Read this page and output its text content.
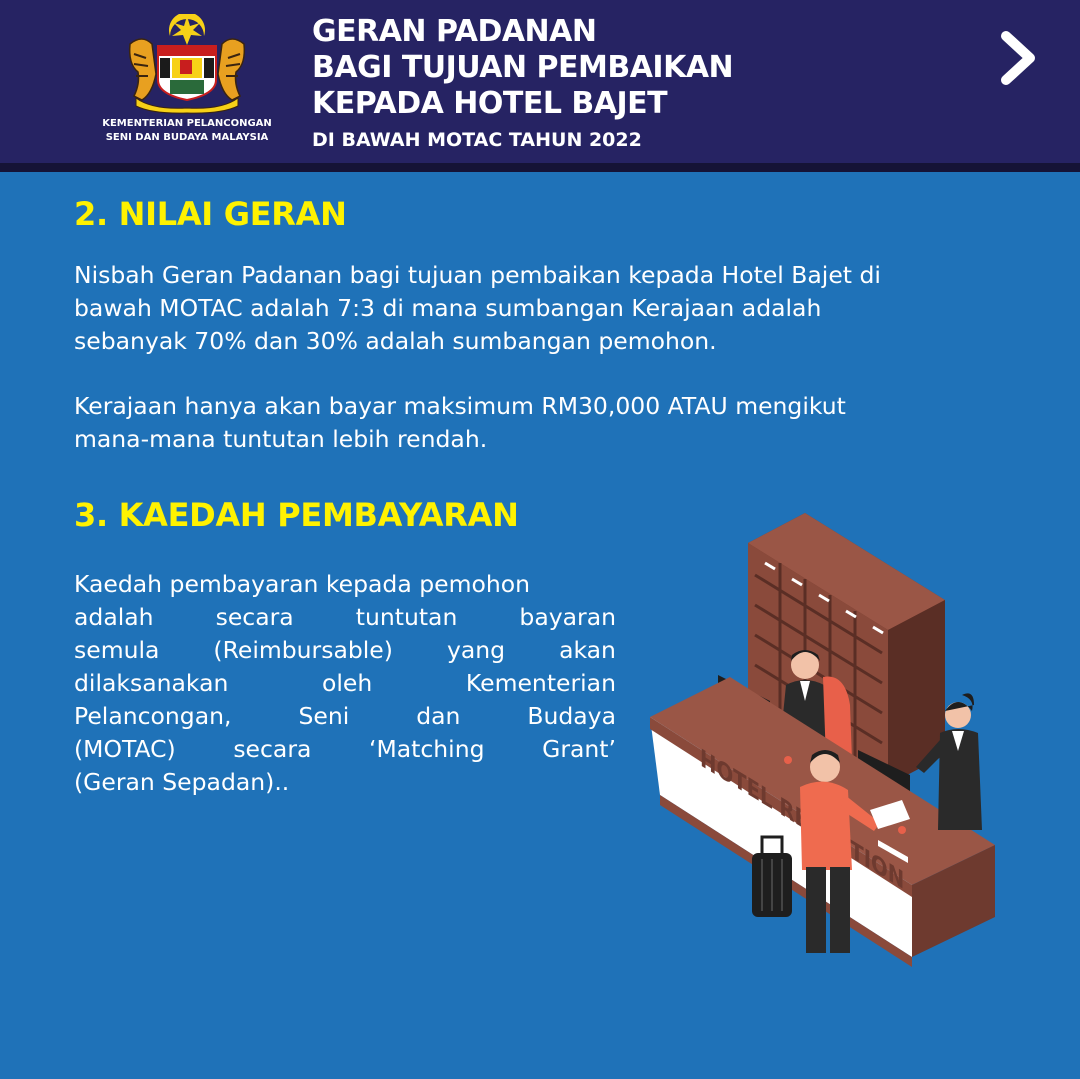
KEMENTERIAN PELANCONGAN
SENI DAN BUDAYA MALAYSIA
GERAN PADANAN
BAGI TUJUAN PEMBAIKAN
KEPADA HOTEL BAJET
DI BAWAH MOTAC TAHUN 2022
2. NILAI GERAN
Nisbah Geran Padanan bagi tujuan pembaikan kepada Hotel Bajet di
bawah MOTAC adalah 7:3 di mana sumbangan Kerajaan adalah
sebanyak 70% dan 30% adalah sumbangan pemohon.
Kerajaan hanya akan bayar maksimum RM30,000 ATAU mengikut
mana-mana tuntutan lebih rendah.
3. KAEDAH PEMBAYARAN
Kaedah pembayaran kepada pemohon
adalah	secara	tuntutan	bayaran
semula (Reimbursable) yang akan
dilaksanakan	oleh	Kementerian
Pelancongan,	Seni	dan	Budaya
(MOTAC) secara ‘Matching Grant’
(Geran Sepadan)..	HOTEL
